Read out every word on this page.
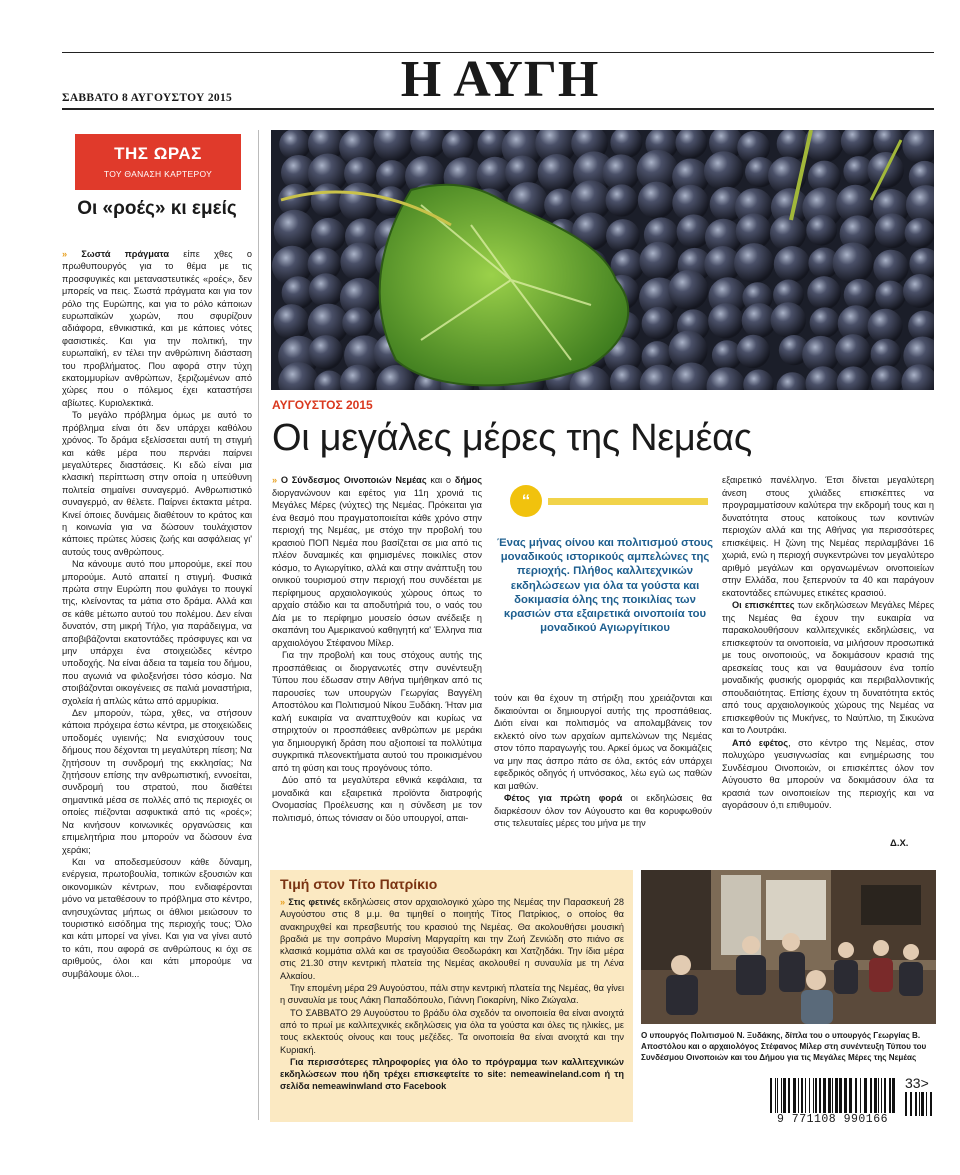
Η ΑΥΓΗ
ΣΑΒΒΑΤΟ 8 ΑΥΓΟΥΣΤΟΥ 2015
ΤΗΣ ΩΡΑΣ
ΤΟΥ ΘΑΝΑΣΗ ΚΑΡΤΕΡΟΥ
Οι «ροές» κι εμείς

» Σωστά πράγματα είπε χθες ο πρωθυπουργός για το θέμα με τις προσφυγικές και μεταναστευτικές «ροές», δεν μπορείς να πεις. Σωστά πράγματα και για τον ρόλο της Ευρώπης, και για το ρόλο κάποιων ευρωπαϊκών χωρών, που σφυρίζουν αδιάφορα, εθνικιστικά, και με κάποιες νότες φασιστικές. Και για την πολιτική, την ευρωπαϊκή, εν τέλει την ανθρώπινη διάσταση του προβλήματος. Που αφορά στην τύχη εκατομμυρίων ανθρώπων, ξεριζωμένων από χώρες που ο πόλεμος έχει καταστήσει αβίωτες. Κυριολεκτικά.

Το μεγάλο πρόβλημα όμως με αυτό το πρόβλημα είναι ότι δεν υπάρχει καθόλου χρόνος. Το δράμα εξελίσσεται αυτή τη στιγμή και κάθε μέρα που περνάει παίρνει μεγαλύτερες διαστάσεις. Κι εδώ είναι μια κλασική περίπτωση στην οποία η υπεύθυνη πολιτεία σημαίνει συναγερμό. Ανθρωπιστικό συναγερμό, αν θέλετε. Παίρνει έκτακτα μέτρα. Κινεί όποιες δυνάμεις διαθέτουν το κράτος και η κοινωνία για να δώσουν τουλάχιστον κάποιες πρώτες λύσεις ζωής και ασφάλειας γι' αυτούς τους ανθρώπους.

Να κάνουμε αυτό που μπορούμε, εκεί που μπορούμε. Αυτό απαιτεί η στιγμή. Φυσικά πρώτα στην Ευρώπη που φυλάγει το πουγκί της, κλείνοντας τα μάτια στο δράμα. Αλλά και σε κάθε μέτωπο αυτού του πολέμου. Δεν είναι δυνατόν, στη μικρή Τήλο, για παράδειγμα, να αποβιβάζονται εκατοντάδες πρόσφυγες και να μην υπάρχει ένα στοιχειώδες κέντρο υποδοχής. Να είναι άδεια τα ταμεία του δήμου, που αγωνιά να φιλοξενήσει τόσο κόσμο. Να στοιβάζονται οικογένειες σε παλιά μοναστήρια, σχολεία ή απλώς κάτω από αρμυρίκια.

Δεν μπορούν, τώρα, χθες, να στήσουν κάποια πρόχειρα έστω κέντρα, με στοιχειώδεις υποδομές υγιεινής; Να ενισχύσουν τους δήμους που δέχονται τη μεγαλύτερη πίεση; Να ζητήσουν τη συνδρομή της εκκλησίας; Να ζητήσουν επίσης την ανθρωπιστική, εννοείται, συνδρομή του στρατού, που διαθέτει σημαντικά μέσα σε πολλές από τις περιοχές οι οποίες πιέζονται ασφυκτικά από τις «ροές»; Να κινήσουν κοινωνικές οργανώσεις και επιμελητήρια που μπορούν να δώσουν ένα χεράκι;

Και να αποδεσμεύσουν κάθε δύναμη, ενέργεια, πρωτοβουλία, τοπικών εξουσιών και οικονομικών κέντρων, που ενδιαφέρονται μόνο να μεταθέσουν το πρόβλημα στο κέντρο, ανησυχώντας μήπως οι άθλιοι μειώσουν το τουριστικό εισόδημα της περιοχής τους; Όλο και κάτι μπορεί να γίνει. Και για να γίνει αυτό το κάτι, που αφορά σε ανθρώπους κι όχι σε αριθμούς, όλοι και κάτι μπορούμε να συμβάλουμε όλοι...

ΑΥΓΟΥΣΤΟΣ 2015
Οι μεγάλες μέρες της Νεμέας

» Ο Σύνδεσμος Οινοποιών Νεμέας και ο δήμος διοργανώνουν και εφέτος για 11η χρονιά τις Μεγάλες Μέρες (νύχτες) της Νεμέας. Πρόκειται για ένα θεσμό που πραγματοποιείται κάθε χρόνο στην περιοχή της Νεμέας, με στόχο την προβολή του κρασιού ΠΟΠ Νεμέα που βασίζεται σε μια από τις πλέον δυναμικές και φημισμένες ποικιλίες στον κόσμο, το Αγιωργίτικο, αλλά και στην ανάπτυξη του οινικού τουρισμού στην περιοχή που συνδέεται με περίφημους αρχαιολογικούς χώρους όπως το αρχαίο στάδιο και τα αποδυτήριά του, ο ναός του Δία με το περίφημο μουσείο όσων ανέδειξε η σκαπάνη του Αμερικανού καθηγητή κα' Έλληνα πια αρχαιολόγου Στέφανου Μίλερ.

Για την προβολή και τους στόχους αυτής της προσπάθειας οι διοργανωτές στην συνέντευξη Τύπου που έδωσαν στην Αθήνα τιμήθηκαν από τις παρουσίες των υπουργών Γεωργίας Βαγγέλη Αποστόλου και Πολιτισμού Νίκου Ξυδάκη. Ήταν μια καλή ευκαιρία να αναπτυχθούν και κυρίως να στηριχτούν οι προσπάθειες ανθρώπων με μεράκι για δημιουργική δράση που αξιοποιεί τα πολλύτιμα συγκριτικά πλεονεκτήματα αυτού του προικισμένου από τη φύση και τους προγόνους τόπο.

Δύο από τα μεγαλύτερα εθνικά κεφάλαια, τα μοναδικά και εξαιρετικά προϊόντα διατροφής Ονομασίας Προέλευσης και η σύνδεση με τον πολιτισμό, όπως τόνισαν οι δύο υπουργοί, απαι-

“
Ένας μήνας οίνου και πολιτισμού στους μοναδικούς ιστορικούς αμπελώνες της περιοχής. Πλήθος καλλιτεχνικών εκδηλώσεων για όλα τα γούστα και δοκιμασία όλης της ποικιλίας των κρασιών στα εξαιρετικά οινοποιία του μοναδικού Αγιωργίτικου

τούν και θα έχουν τη στήριξη που χρειάζονται και δικαιούνται οι δημιουργοί αυτής της προσπάθειας. Διότι είναι και πολιτισμός να απολαμβάνεις τον εκλεκτό οίνο των αρχαίων αμπελώνων της Νεμέας στον τόπο παραγωγής του. Αρκεί όμως να δοκιμάζεις να μην πας άσπρο πάτο σε όλα, εκτός εάν υπάρχει εφεδρικός οδηγός ή υπνόσακος, λέω εγώ ως παθών και μαθών.

Φέτος για πρώτη φορά οι εκδηλώσεις θα διαρκέσουν όλον τον Αύγουστο και θα κορυφωθούν στις τελευταίες μέρες του μήνα με την

εξαιρετικό πανέλληνο. Έτσι δίνεται μεγαλύτερη άνεση στους χιλιάδες επισκέπτες να προγραμματίσουν καλύτερα την εκδρομή τους και η δυνατότητα στους κατοίκους των κοντινών περιοχών αλλά και της Αθήνας για περισσότερες επισκέψεις. Η ζώνη της Νεμέας περιλαμβάνει 16 χωριά, ενώ η περιοχή συγκεντρώνει τον μεγαλύτερο αριθμό μεγάλων και οργανωμένων οινοποιείων στην Ελλάδα, που ξεπερνούν τα 40 και παράγουν εκατοντάδες επώνυμες ετικέτες κρασιού.

Οι επισκέπτες των εκδηλώσεων Μεγάλες Μέρες της Νεμέας θα έχουν την ευκαιρία να παρακολουθήσουν καλλιτεχνικές εκδηλώσεις, να επισκεφτούν τα οινοποιεία, να μιλήσουν προσωπικά με τους οινοποιούς, να δοκιμάσουν κρασιά της αρεσκείας τους και να θαυμάσουν ένα τοπίο μοναδικής φυσικής ομορφιάς και περιβαλλοντικής σπουδαιότητας. Επίσης έχουν τη δυνατότητα εκτός από τους αρχαιολογικούς χώρους της Νεμέας να επισκεφθούν τις Μυκήνες, το Ναύπλιο, τη Σικυώνα και το Λουτράκι.

Από εφέτος, στο κέντρο της Νεμέας, στον πολυχώρο γευσιγνωσίας και ενημέρωσης του Συνδέσμου Οινοποιών, οι επισκέπτες όλον τον Αύγουστο θα μπορούν να δοκιμάσουν όλα τα κρασιά των οινοποιείων της περιοχής και να αγοράσουν ό,τι επιθυμούν.

Δ.Χ.
Τιμή στον Τίτο Πατρίκιο

» Στις φετινές εκδηλώσεις στον αρχαιολογικό χώρο της Νεμέας την Παρασκευή 28 Αυγούστου στις 8 μ.μ. θα τιμηθεί ο ποιητής Τίτος Πατρίκιος, ο οποίος θα ανακηρυχθεί και πρεσβευτής του κρασιού της Νεμέας. Θα ακολουθήσει μουσική βραδιά με την σοπράνο Μυρσίνη Μαργαρίτη και την Ζωή Ζενιώδη στο πιάνο σε κλασικά κομμάτια αλλά και σε τραγούδια Θεοδωράκη και Χατζηδάκι. Την ίδια μέρα στις 21.30 στην κεντρική πλατεία της Νεμέας ακολουθεί η συναυλία με τη Λένα Αλκαίου.

Την επομένη μέρα 29 Αυγούστου, πάλι στην κεντρική πλατεία της Νεμέας, θα γίνει η συναυλία με τους Λάκη Παπαδόπουλο, Γιάννη Γιοκαρίνη, Νίκο Ζιώγαλα.

ΤΟ ΣΑΒΒΑΤΟ 29 Αυγούστου το βράδυ όλα σχεδόν τα οινοποιεία θα είναι ανοιχτά από το πρωί με καλλιτεχνικές εκδηλώσεις για όλα τα γούστα και όλες τις ηλικίες, με τους εκλεκτούς οίνους και τους μεζέδες. Τα οινοποιεία θα είναι ανοιχτά και την Κυριακή.

Για περισσότερες πληροφορίες για όλο το πρόγραμμα των καλλιτεχνικών εκδηλώσεων που ήδη τρέχει επισκεφτείτε το site: nemeawineland.com ή τη σελίδα nemeawinwland στο Facebook

Ο υπουργός Πολιτισμού Ν. Ξυδάκης, δίπλα του ο υπουργός Γεωργίας Β. Αποστόλου και ο αρχαιολόγος Στέφανος Μίλερ στη συνέντευξη Τύπου του Συνδέσμου Οινοποιών και του Δήμου για τις Μεγάλες Μέρες της Νεμέας
9 771108 990166
33>
